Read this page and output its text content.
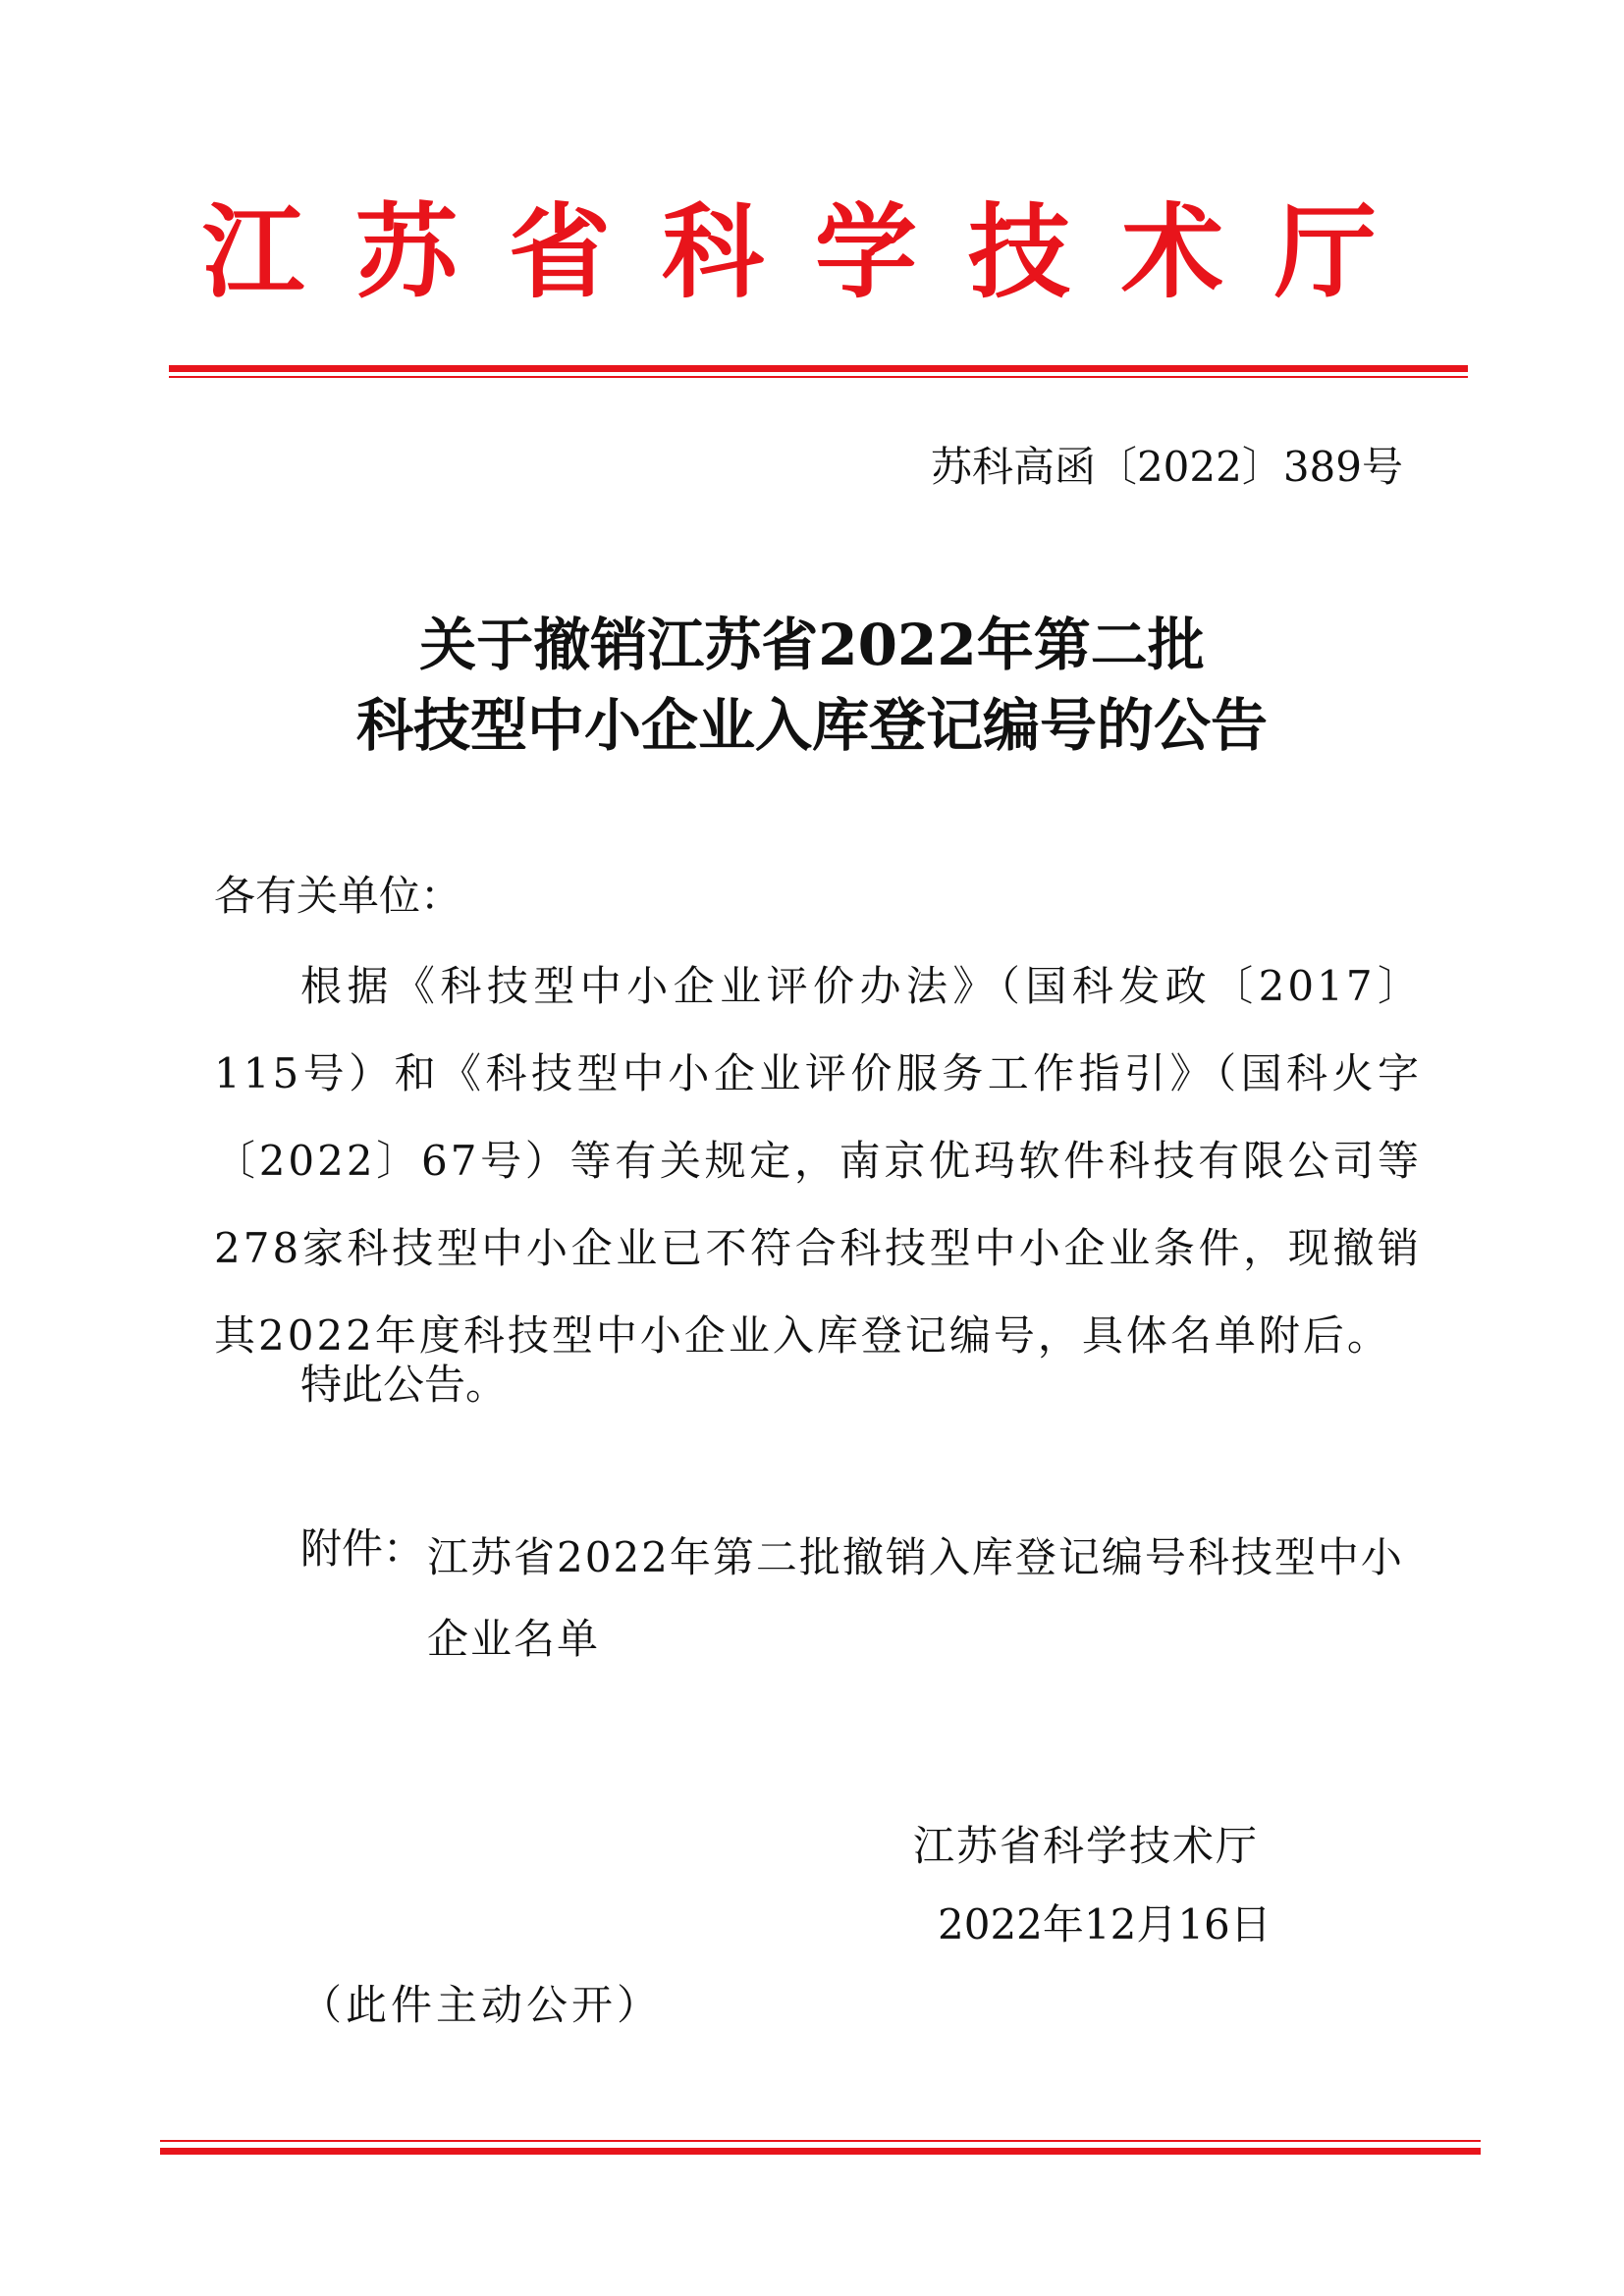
江苏省科学技术厅
苏科高函〔2022〕389号
关于撤销江苏省2022年第二批
科技型中小企业入库登记编号的公告
各有关单位：
根据《科技型中小企业评价办法》（国科发政〔2017〕115号）和《科技型中小企业评价服务工作指引》（国科火字〔2022〕67号）等有关规定，南京优玛软件科技有限公司等278家科技型中小企业已不符合科技型中小企业条件，现撤销其2022年度科技型中小企业入库登记编号，具体名单附后。
特此公告。
附件： 江苏省2022年第二批撤销入库登记编号科技型中小企业名单
江苏省科学技术厅
2022年12月16日
（此件主动公开）
